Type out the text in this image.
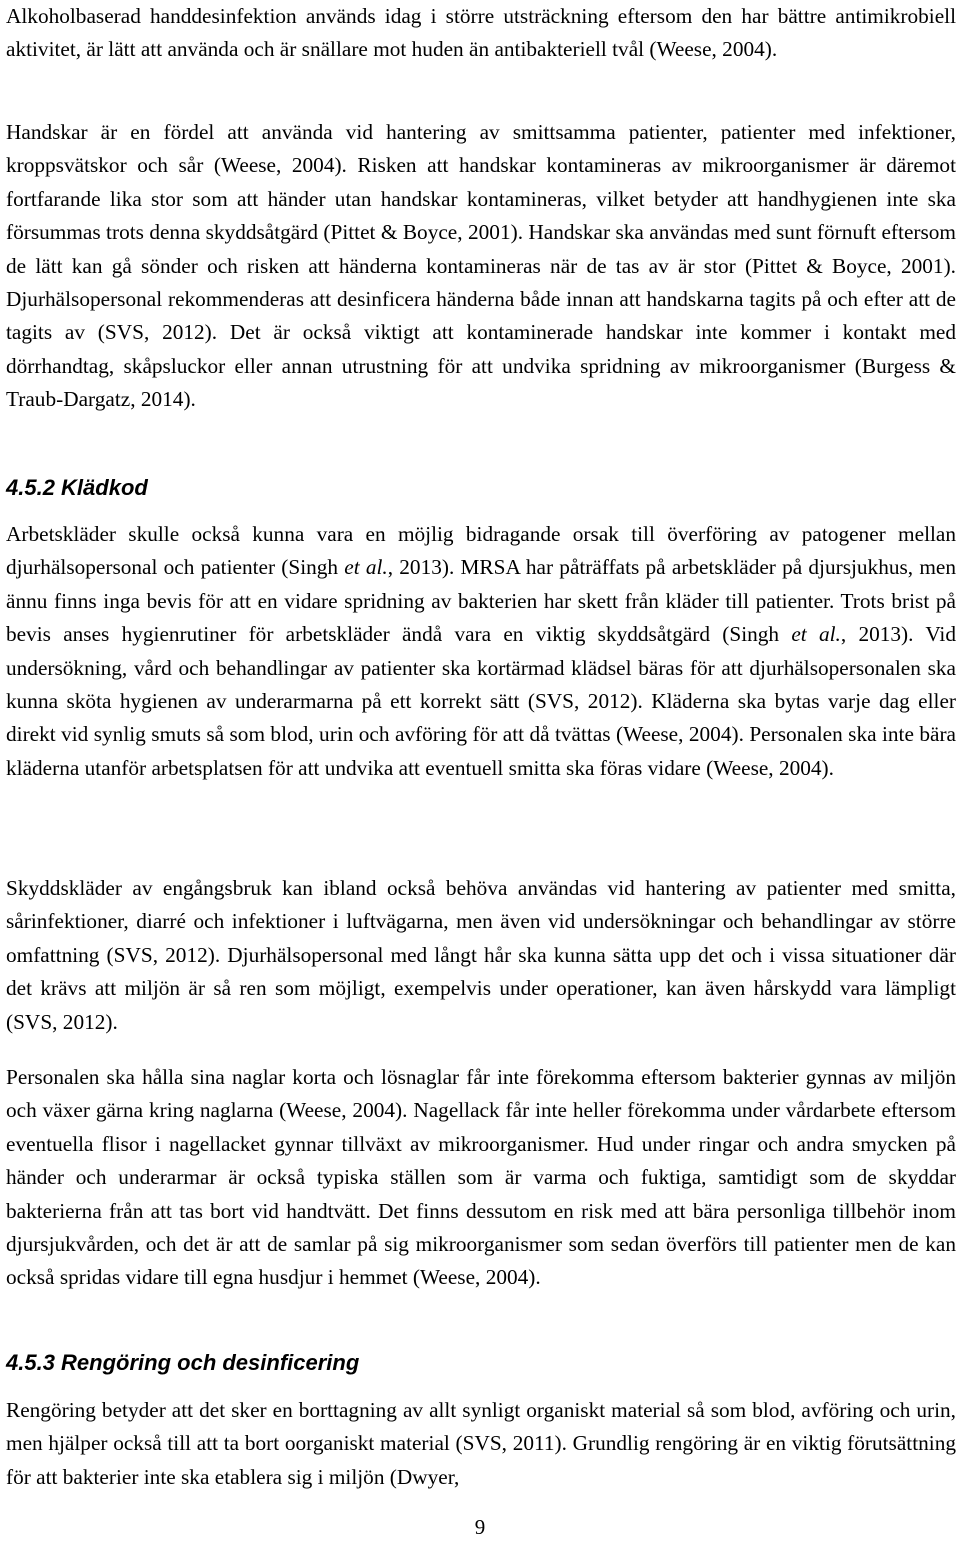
Alkoholbaserad handdesinfektion används idag i större utsträckning eftersom den har bättre antimikrobiell aktivitet, är lätt att använda och är snällare mot huden än antibakteriell tvål (Weese, 2004).

Handskar är en fördel att använda vid hantering av smittsamma patienter, patienter med infektioner, kroppsvätskor och sår (Weese, 2004). Risken att handskar kontamineras av mikroorganismer är däremot fortfarande lika stor som att händer utan handskar kontamineras, vilket betyder att handhygienen inte ska försummas trots denna skyddsåtgärd (Pittet & Boyce, 2001). Handskar ska användas med sunt förnuft eftersom de lätt kan gå sönder och risken att händerna kontamineras när de tas av är stor (Pittet & Boyce, 2001). Djurhälsopersonal rekommenderas att desinficera händerna både innan att handskarna tagits på och efter att de tagits av (SVS, 2012). Det är också viktigt att kontaminerade handskar inte kommer i kontakt med dörrhandtag, skåpsluckor eller annan utrustning för att undvika spridning av mikroorganismer (Burgess & Traub-Dargatz, 2014).

4.5.2 Klädkod

Arbetskläder skulle också kunna vara en möjlig bidragande orsak till överföring av patogener mellan djurhälsopersonal och patienter (Singh et al., 2013). MRSA har påträffats på arbetskläder på djursjukhus, men ännu finns inga bevis för att en vidare spridning av bakterien har skett från kläder till patienter. Trots brist på bevis anses hygienrutiner för arbetskläder ändå vara en viktig skyddsåtgärd (Singh et al., 2013). Vid undersökning, vård och behandlingar av patienter ska kortärmad klädsel bäras för att djurhälsopersonalen ska kunna sköta hygienen av underarmarna på ett korrekt sätt (SVS, 2012). Kläderna ska bytas varje dag eller direkt vid synlig smuts så som blod, urin och avföring för att då tvättas (Weese, 2004). Personalen ska inte bära kläderna utanför arbetsplatsen för att undvika att eventuell smitta ska föras vidare (Weese, 2004).

Skyddskläder av engångsbruk kan ibland också behöva användas vid hantering av patienter med smitta, sårinfektioner, diarré och infektioner i luftvägarna, men även vid undersökningar och behandlingar av större omfattning (SVS, 2012). Djurhälsopersonal med långt hår ska kunna sätta upp det och i vissa situationer där det krävs att miljön är så ren som möjligt, exempelvis under operationer, kan även hårskydd vara lämpligt (SVS, 2012).

Personalen ska hålla sina naglar korta och lösnaglar får inte förekomma eftersom bakterier gynnas av miljön och växer gärna kring naglarna (Weese, 2004). Nagellack får inte heller förekomma under vårdarbete eftersom eventuella flisor i nagellacket gynnar tillväxt av mikroorganismer. Hud under ringar och andra smycken på händer och underarmar är också typiska ställen som är varma och fuktiga, samtidigt som de skyddar bakterierna från att tas bort vid handtvätt. Det finns dessutom en risk med att bära personliga tillbehör inom djursjukvården, och det är att de samlar på sig mikroorganismer som sedan överförs till patienter men de kan också spridas vidare till egna husdjur i hemmet (Weese, 2004).

4.5.3 Rengöring och desinficering

Rengöring betyder att det sker en borttagning av allt synligt organiskt material så som blod, avföring och urin, men hjälper också till att ta bort oorganiskt material (SVS, 2011). Grundlig rengöring är en viktig förutsättning för att bakterier inte ska etablera sig i miljön (Dwyer,

9
